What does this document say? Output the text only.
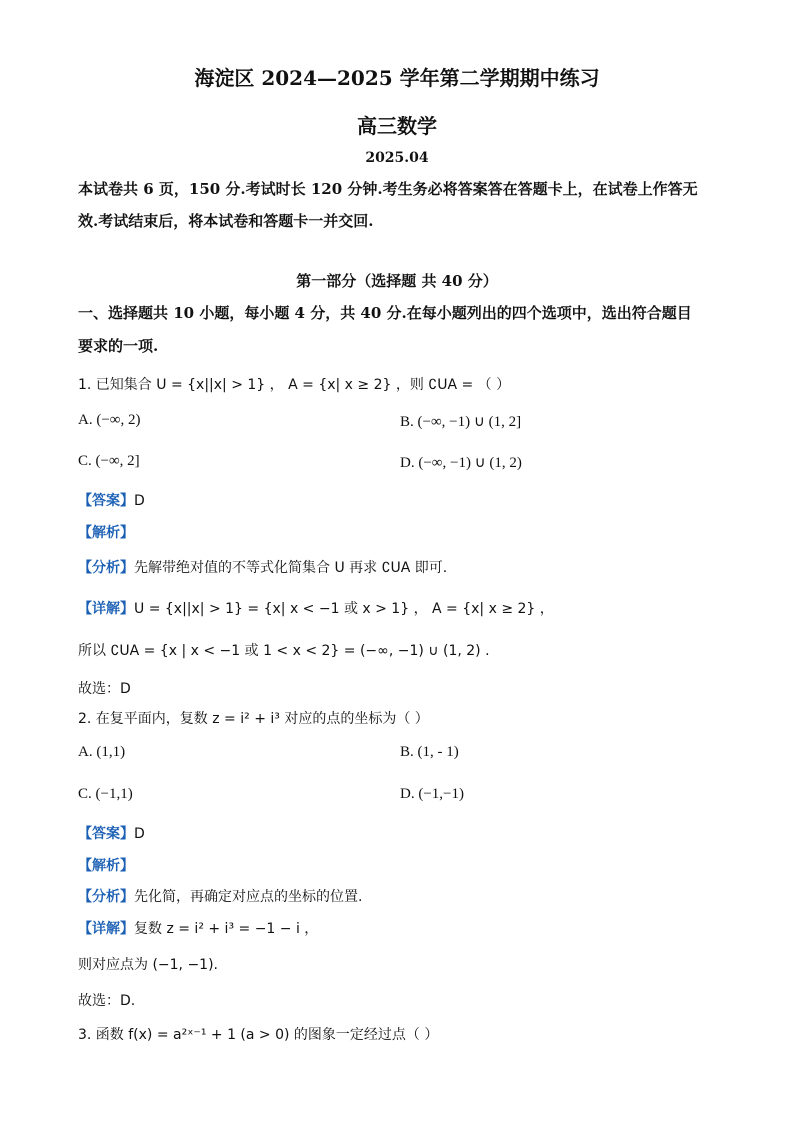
海淀区 2024—2025 学年第二学期期中练习
高三数学
2025.04
本试卷共 6 页，150 分.考试时长 120 分钟.考生务必将答案答在答题卡上，在试卷上作答无
效.考试结束后，将本试卷和答题卡一并交回.
第一部分（选择题 共 40 分）
一、选择题共 10 小题，每小题 4 分，共 40 分.在每小题列出的四个选项中，选出符合题目
要求的一项.
1. 已知集合 U = {x||x| > 1} ， A = {x| x ≥ 2} ，则 ∁UA = （ ）
A. (−∞, 2)	B. (−∞, −1) ∪ (1, 2]
C. (−∞, 2]	D. (−∞, −1) ∪ (1, 2)
【答案】D
【解析】
【分析】先解带绝对值的不等式化简集合 U 再求 ∁UA 即可.
【详解】U = {x||x| > 1} = {x| x < −1 或 x > 1} ， A = {x| x ≥ 2} ，
所以 ∁UA = {x | x < −1 或 1 < x < 2} = (−∞, −1) ∪ (1, 2) .
故选：D
2. 在复平面内，复数 z = i² + i³ 对应的点的坐标为（ ）
A. (1,1)	B. (1, - 1)
C. (−1,1)	D. (−1,−1)
【答案】D
【解析】
【分析】先化简，再确定对应点的坐标的位置.
【详解】复数 z = i² + i³ = −1 − i ，
则对应点为 (−1, −1).
故选：D.
3. 函数 f(x) = a²ˣ⁻¹ + 1 (a > 0) 的图象一定经过点（ ）
